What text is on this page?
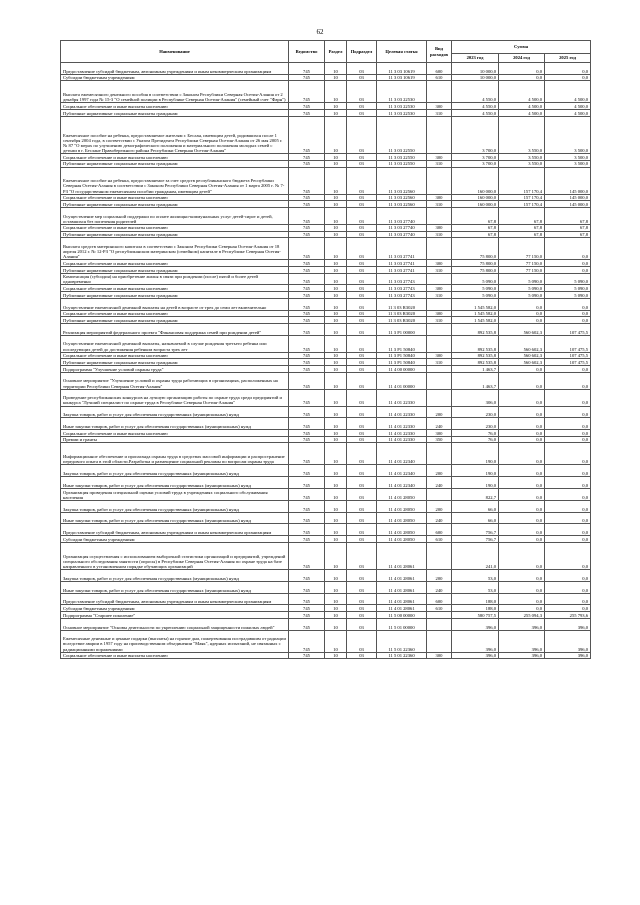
62
Наименование	Ведомство	Раздел	Подраздел	Целевая статья	Вид расходов	Сумма		
						2023 год	2024 год	2025 год
Предоставление субсидий бюджетным, автономным учреждениям и иным некоммерческим организациям	745	10	03	11 3 03 10619	600	10 000,0	0,0	0,0
Субсидии бюджетным учреждениям	745	10	03	11 3 03 10619	610	10 000,0	0,0	0,0
Выплата ежемесячного денежного пособия в соответствии с Законом Республики Северная Осетия-Алания от 2 декабря 1997 года № 15-3 "О семейной полиции в Республике Северная Осетия-Алания" (семейный счет "Фарн")	745	10	03	11 3 03 22530		4 550,0	4 500,0	4 500,0
Социальное обеспечение и иные выплаты населению	745	10	03	11 3 03 22530	300	4 550,0	4 500,0	4 500,0
Публичные нормативные социальные выплаты гражданам	745	10	03	11 3 03 22530	310	4 550,0	4 500,0	4 500,0
Ежемесячное пособие на ребенка, предоставляемое жителям г. Беслан, имеющим детей, родившихся после 1 сентября 2004 года, в соответствии с Указом Президента Республики Северная Осетия-Алания от 26 мая 2005 г. № 87 "О мерах по улучшению демографического положения и материального положения молодых семей с детьми в г. Беслане Правобережного района Республики Северная Осетия-Алания"	745	10	03	11 3 03 22550		3 700,0	3 550,0	3 500,0
Социальное обеспечение и иные выплаты населению	745	10	03	11 3 03 22550	300	3 700,0	3 550,0	3 500,0
Публичные нормативные социальные выплаты гражданам	745	10	03	11 3 03 22550	310	3 700,0	3 550,0	3 500,0
Ежемесячное пособие на ребенка, предоставляемое за счет средств республиканского бюджета Республики Северная Осетия-Алания в соответствии с Законом Республики Северная Осетия-Алания от 1 марта 2005 г. № 7-РЗ "О государственном ежемесячном пособии гражданам, имеющим детей"	745	10	03	11 3 03 22560		160 000,0	157 170,4	145 000,0
Социальное обеспечение и иные выплаты населению	745	10	03	11 3 03 22560	300	160 000,0	157 170,4	145 000,0
Публичные нормативные социальные выплаты гражданам	745	10	03	11 3 03 22560	310	160 000,0	157 170,4	145 000,0
Осуществление мер социальной поддержки по оплате жилищно-коммунальных услуг детей-сирот и детей, оставшихся без попечения родителей	745	10	03	11 3 03 27740		67,8	67,8	67,8
Социальное обеспечение и иные выплаты населению	745	10	03	11 3 03 27740	300	67,8	67,8	67,8
Публичные нормативные социальные выплаты гражданам	745	10	03	11 3 03 27740	310	67,8	67,8	67,8
Выплата средств материнского капитала в соответствии с Законом Республики Северная Осетия-Алания от 18 апреля 2012 г. № 12-РЗ "О республиканском материнском (семейном) капитале в Республике Северная Осетия-Алания"	745	10	03	11 3 03 27741		75 800,0	77 150,0	0,0
Социальное обеспечение и иные выплаты населению	745	10	03	11 3 03 27741	300	75 800,0	77 150,0	0,0
Публичные нормативные социальные выплаты гражданам	745	10	03	11 3 03 27741	310	75 800,0	77 150,0	0,0
Компенсация (субсидия) на приобретение жилья в связи при рождении (после) пятой и более детей одновременно	745	10	03	11 3 03 27743		5 090,0	5 090,0	5 090,0
Социальное обеспечение и иные выплаты населению	745	10	03	11 3 03 27743	300	5 090,0	5 090,0	5 090,0
Публичные нормативные социальные выплаты гражданам	745	10	03	11 3 03 27743	310	5 090,0	5 090,0	5 090,0
Осуществление ежемесячной денежной выплаты на детей в возрасте от трех до семи лет включительно	745	10	03	11 3 03 R3020		1 545 582,0	0,0	0,0
Социальное обеспечение и иные выплаты населению	745	10	03	11 3 03 R3020	300	1 545 582,0	0,0	0,0
Публичные нормативные социальные выплаты гражданам	745	10	03	11 3 03 R3020	310	1 545 582,0	0,0	0,0
Реализация мероприятий федерального проекта "Финансовая поддержка семей при рождении детей"	745	10	03	11 3 P1 00000		892 535,8	560 602,3	107 475,5
Осуществление ежемесячной денежной выплаты, назначаемой в случае рождения третьего ребенка или последующих детей до достижения ребенком возраста трех лет	745	10	03	11 3 P1 50840		892 535,8	560 602,3	107 475,5
Социальное обеспечение и иные выплаты населению	745	10	03	11 3 P1 50840	300	892 535,8	560 602,3	107 475,5
Публичные нормативные социальные выплаты гражданам	745	10	03	11 3 P1 50840	310	892 535,8	560 602,3	107 475,5
Подпрограмма "Улучшение условий охраны труда"	745	10	03	11 4 00 00000		1 463,7	0,0	0,0
Основное мероприятие "Улучшение условий и охраны труда работающих в организациях, расположенных на территории Республики Северная Осетия-Алания"	745	10	03	11 4 01 00000		1 463,7	0,0	0,0
Проведение республиканских конкурсов на лучшую организацию работы по охране труда среди предприятий и конкурса "Лучший специалист по охране труда в Республике Северная Осетия-Алания"	745	10	03	11 4 01 22330		306,0	0,0	0,0
Закупка товаров, работ и услуг для обеспечения государственных (муниципальных) нужд	745	10	03	11 4 01 22330	200	230,0	0,0	0,0
Иные закупки товаров, работ и услуг для обеспечения государственных (муниципальных) нужд	745	10	03	11 4 01 22330	240	230,0	0,0	0,0
Социальное обеспечение и иные выплаты населению	745	10	03	11 4 01 22330	300	76,0	0,0	0,0
Премии и гранты	745	10	03	11 4 01 22330	350	76,0	0,0	0,0
Информационное обеспечение и пропаганда охраны труда в средствах массовой информации и распространение передового опыта в этой области.Разработка и размещение социальной рекламы по вопросам охраны труда	745	10	03	11 4 01 22340		190,0	0,0	0,0
Закупка товаров, работ и услуг для обеспечения государственных (муниципальных) нужд	745	10	03	11 4 01 22340	200	190,0	0,0	0,0
Иные закупки товаров, работ и услуг для обеспечения государственных (муниципальных) нужд	745	10	03	11 4 01 22340	240	190,0	0,0	0,0
Организация проведения специальной оценки условий труда в учреждениях социального обслуживания населения	745	10	03	11 4 01 28050		822,7	0,0	0,0
Закупка товаров, работ и услуг для обеспечения государственных (муниципальных) нужд	745	10	03	11 4 01 28050	200	66,0	0,0	0,0
Иные закупки товаров, работ и услуг для обеспечения государственных (муниципальных) нужд	745	10	03	11 4 01 28050	240	66,0	0,0	0,0
Предоставление субсидий бюджетным, автономным учреждениям и иным некоммерческим организациям	745	10	03	11 4 01 28050	600	756,7	0,0	0,0
Субсидии бюджетным учреждениям	745	10	03	11 4 01 28050	610	756,7	0,0	0,0
Организация осуществления с использованием выборочной статистики организаций и предприятий, учреждений специального обследования занятости (опросы) в Республике Северная Осетия-Алания по охране труда на базе направленного в установленном порядке обучающих организаций	745	10	03	11 4 01 28061		241,0	0,0	0,0
Закупка товаров, работ и услуг для обеспечения государственных (муниципальных) нужд	745	10	03	11 4 01 28061	200	53,0	0,0	0,0
Иные закупки товаров, работ и услуг для обеспечения государственных (муниципальных) нужд	745	10	03	11 4 01 28061	240	53,0	0,0	0,0
Предоставление субсидий бюджетным, автономным учреждениям и иным некоммерческим организациям	745	10	03	11 4 01 28061	600	188,0	0,0	0,0
Субсидии бюджетным учреждениям	745	10	03	11 4 01 28061	610	188,0	0,0	0,0
Подпрограмма "Старшее поколение"	745	10	03	11 5 00 00000		580 757,5	255 094,3	255 793,6
Основное мероприятие "Основы деятельности по укреплению социальной защищенности пожилых людей"	745	10	03	11 5 01 00000		396,0	396,0	396,0
Ежемесячные денежные и ценные подарки (выплаты) на горячие дни, пожертвования пострадавшим от радиации вследствие аварии в 1957 году на производственном объединении "Маяк", ядерных испытаний, не связанных с радиационными поражениями	745	10	03	11 5 01 22360		396,0	396,0	396,0
Социальное обеспечение и иные выплаты населению	745	10	03	11 5 01 22360	300	396,0	396,0	396,0
